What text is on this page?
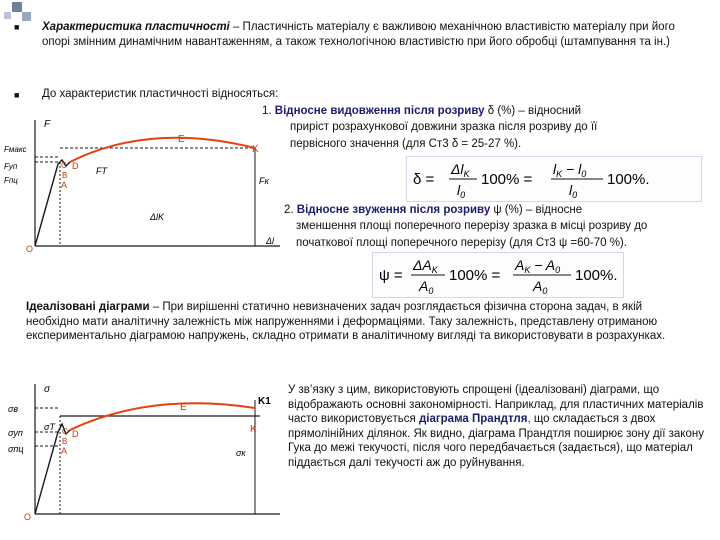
■ Характеристика пластичності – Пластичність матеріалу є важливою механічною властивістю матеріалу при його опорі змінним динамічним навантаженням, а також технологічною властивістю при його обробці (штампування та ін.)
■ До характеристик пластичності відносяться:
1. Відносне видовження після розриву δ (%) – відносний
приріст розрахункової довжини зразка після розриву до її
первісного значення (для Ст3 δ = 25-27 %).
δ =
$\Delta l_K$
$l_0$
100% =
$l_K - l_0$
$l_0$
100%.
2. Відносне звуження після розриву ψ (%) – відносне
зменшення площі поперечного перерізу зразка в місці розриву до
початкової площі поперечного перерізу (для Ст3 ψ =60-70 %).
ψ =
$\Delta A_K$
$A_0$
100% =
$A_K - A_0$
$A_0$
100%.
F
Fмакс
Fуп
Fпц
E
K
D
C
B
A
O
FT
Fк
ΔlK
Δl
Ідеалізовані діаграми – При вирішенні статично невизначених задач розглядається фізична сторона задач, в якій необхідно мати аналітичну залежність між напруженнями і деформаціями. Таку залежність, представлену отриманою експериментально діаграмою напружень, складно отримати в аналітичному вигляді та використовувати в розрахунках.
σ
σв
σуп
σпц
E
K
K1
D
C
B
A
O
σT
σк
У зв’язку з цим, використовують спрощені (ідеалізовані) діаграми, що відображають основні закономірності. Наприклад, для пластичних матеріалів часто використовується діаграма Прандтля, що складається з двох прямолінійних ділянок. Як видно, діаграма Прандтля поширює зону дії закону Гука до межі текучості, після чого передбачається (задається), що матеріал піддається далі текучості аж до руйнування.
